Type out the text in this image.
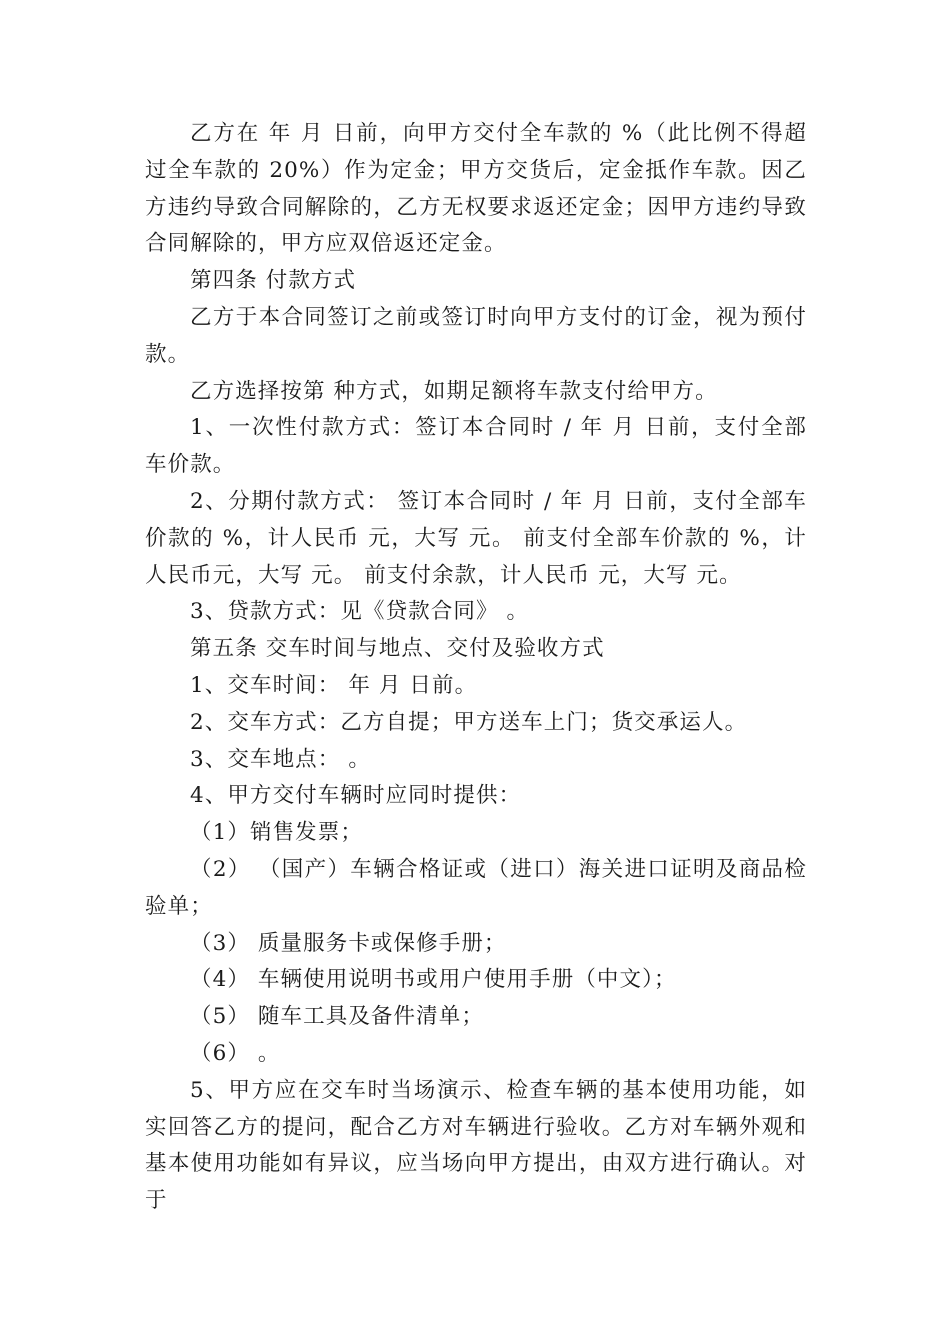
乙方在 年 月 日前，向甲方交付全车款的 %（此比例不得超过全车款的 20%）作为定金；甲方交货后，定金抵作车款。因乙方违约导致合同解除的，乙方无权要求返还定金；因甲方违约导致合同解除的，甲方应双倍返还定金。

第四条 付款方式

乙方于本合同签订之前或签订时向甲方支付的订金，视为预付款。

乙方选择按第 种方式，如期足额将车款支付给甲方。

1、一次性付款方式：签订本合同时 / 年 月 日前，支付全部车价款。

2、分期付款方式： 签订本合同时 / 年 月 日前，支付全部车价款的 %，计人民币 元，大写 元。 前支付全部车价款的 %，计人民币元，大写 元。 前支付余款，计人民币 元，大写 元。

3、贷款方式：见《贷款合同》 。

第五条 交车时间与地点、交付及验收方式

1、交车时间： 年 月 日前。

2、交车方式：乙方自提；甲方送车上门；货交承运人。

3、交车地点： 。

4、甲方交付车辆时应同时提供：

（1）销售发票；

（2） （国产）车辆合格证或（进口）海关进口证明及商品检验单；

（3） 质量服务卡或保修手册；

（4） 车辆使用说明书或用户使用手册（中文）；

（5） 随车工具及备件清单；

（6） 。

5、甲方应在交车时当场演示、检查车辆的基本使用功能，如实回答乙方的提问，配合乙方对车辆进行验收。乙方对车辆外观和基本使用功能如有异议，应当场向甲方提出，由双方进行确认。对于
